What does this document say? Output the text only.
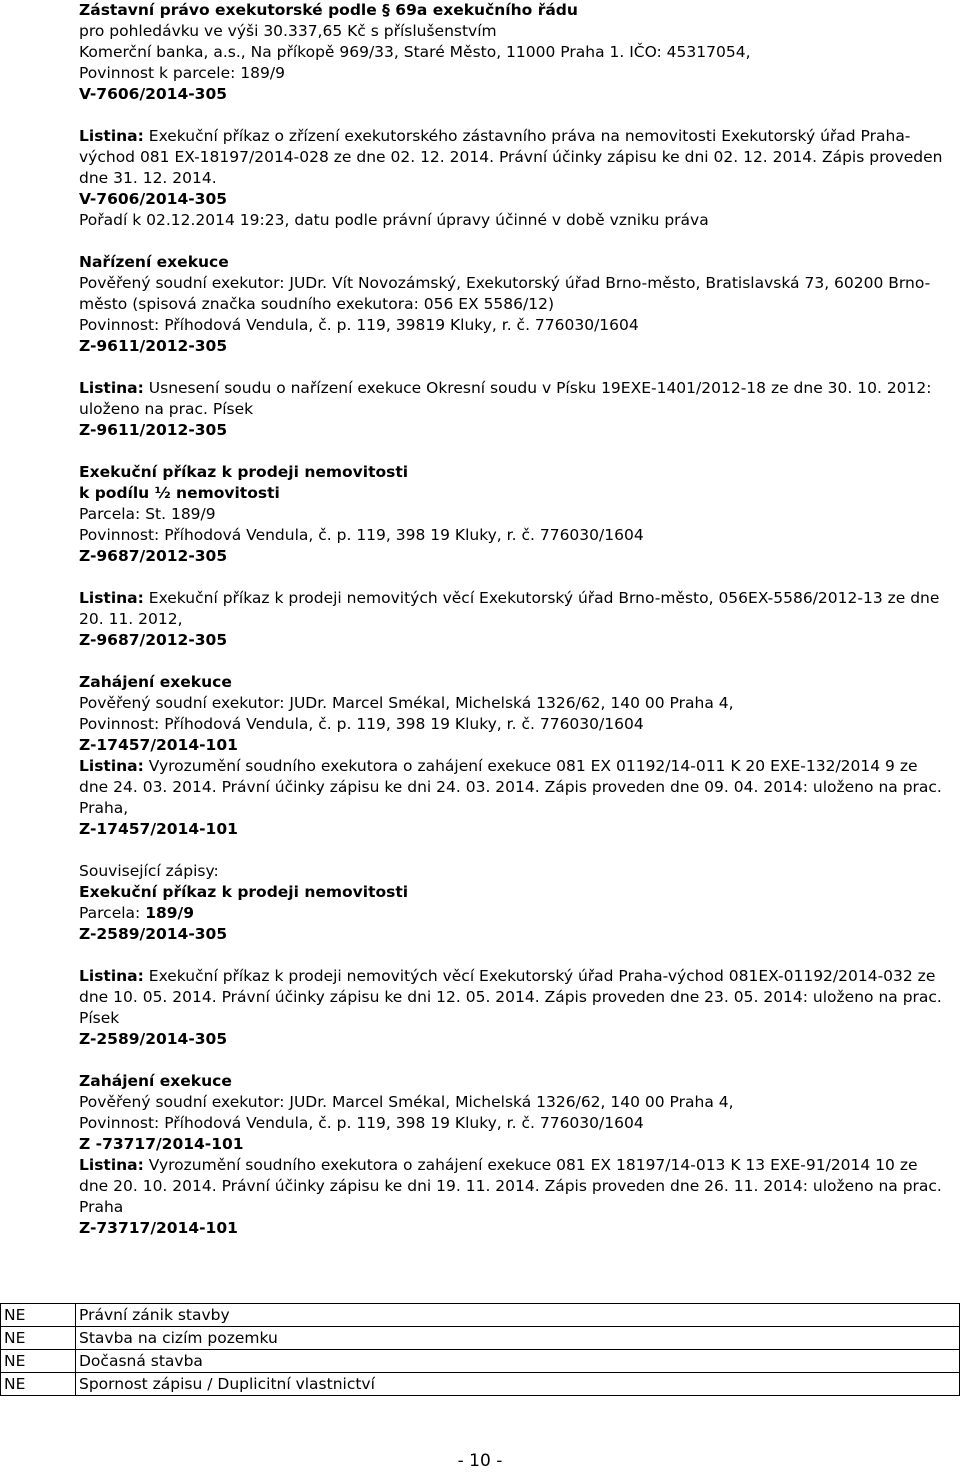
Zástavní právo exekutorské podle § 69a exekučního řádu
pro pohledávku ve výši 30.337,65 Kč s příslušenstvím
Komerční banka, a.s., Na příkopě 969/33, Staré Město, 11000 Praha 1. IČO: 45317054,
Povinnost k parcele: 189/9
V-7606/2014-305
Listina: Exekuční příkaz o zřízení exekutorského zástavního práva na nemovitosti Exekutorský úřad Praha-východ 081 EX-18197/2014-028 ze dne 02. 12. 2014. Právní účinky zápisu ke dni 02. 12. 2014. Zápis proveden dne 31. 12. 2014.
V-7606/2014-305
Pořadí k 02.12.2014 19:23, datu podle právní úpravy účinné v době vzniku práva
Nařízení exekuce
Pověřený soudní exekutor: JUDr. Vít Novozámský, Exekutorský úřad Brno-město, Bratislavská 73, 60200 Brno-město (spisová značka soudního exekutora: 056 EX 5586/12)
Povinnost: Příhodová Vendula, č. p. 119, 39819 Kluky, r. č. 776030/1604
Z-9611/2012-305
Listina: Usnesení soudu o nařízení exekuce Okresní soudu v Písku 19EXE-1401/2012-18 ze dne 30. 10. 2012: uloženo na prac. Písek
Z-9611/2012-305
Exekuční příkaz k prodeji nemovitosti
k podílu ½ nemovitosti
Parcela: St. 189/9
Povinnost: Příhodová Vendula, č. p. 119, 398 19 Kluky, r. č. 776030/1604
Z-9687/2012-305
Listina: Exekuční příkaz k prodeji nemovitých věcí Exekutorský úřad Brno-město, 056EX-5586/2012-13 ze dne 20. 11. 2012,
Z-9687/2012-305
Zahájení exekuce
Pověřený soudní exekutor: JUDr. Marcel Smékal, Michelská 1326/62, 140 00 Praha 4,
Povinnost: Příhodová Vendula, č. p. 119, 398 19 Kluky, r. č. 776030/1604
Z-17457/2014-101
Listina: Vyrozumění soudního exekutora o zahájení exekuce 081 EX 01192/14-011 K 20 EXE-132/2014 9 ze dne 24. 03. 2014. Právní účinky zápisu ke dni 24. 03. 2014. Zápis proveden dne 09. 04. 2014: uloženo na prac. Praha,
Z-17457/2014-101
Související zápisy:
Exekuční příkaz k prodeji nemovitosti
Parcela: 189/9
Z-2589/2014-305
Listina: Exekuční příkaz k prodeji nemovitých věcí Exekutorský úřad Praha-východ 081EX-01192/2014-032 ze dne 10. 05. 2014. Právní účinky zápisu ke dni 12. 05. 2014. Zápis proveden dne 23. 05. 2014: uloženo na prac. Písek
Z-2589/2014-305
Zahájení exekuce
Pověřený soudní exekutor: JUDr. Marcel Smékal, Michelská 1326/62, 140 00 Praha 4,
Povinnost: Příhodová Vendula, č. p. 119, 398 19 Kluky, r. č. 776030/1604
Z -73717/2014-101
Listina: Vyrozumění soudního exekutora o zahájení exekuce 081 EX 18197/14-013 K 13 EXE-91/2014 10 ze dne 20. 10. 2014. Právní účinky zápisu ke dni 19. 11. 2014. Zápis proveden dne 26. 11. 2014: uloženo na prac. Praha
Z-73717/2014-101
NE	Právní zánik stavby
NE	Stavba na cizím pozemku
NE	Dočasná stavba
NE	Spornost zápisu / Duplicitní vlastnictví
- 10 -
